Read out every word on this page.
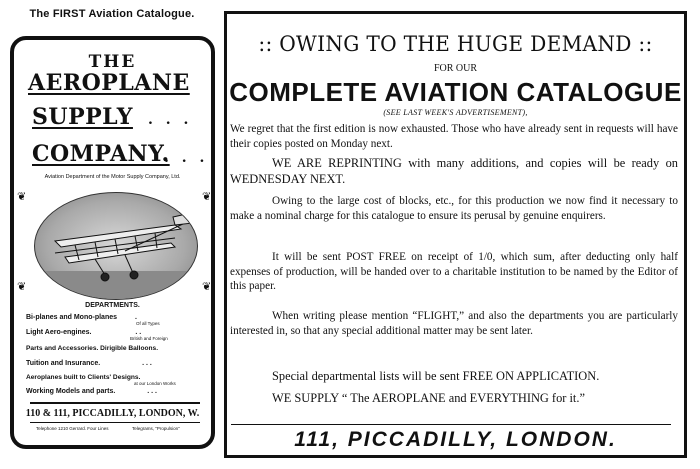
The FIRST Aviation Catalogue.
THE
AEROPLANE
SUPPLY . . .
COMPANY.
. . .
Aviation Department of the Motor Supply Company, Ltd.
❦	❦
❦	❦
DEPARTMENTS.
Bi-planes and Mono-planes	.
Of all Types
Light Aero-engines.	. .
British and Foreign
Parts and Accessories. Dirigible Balloons.
Tuition and Insurance.	. . .
Aeroplanes built to Clients' Designs.
at our London Works
Working Models and parts.	. . .
110 & 111, PICCADILLY, LONDON, W.
Telephone 1210 Gerrard. Four Lines	Telegrams, "Propulsion"
:: OWING TO THE HUGE DEMAND ::
FOR OUR
COMPLETE AVIATION CATALOGUE
(SEE LAST WEEK'S ADVERTISEMENT),
We regret that the first edition is now exhausted. Those who have already sent in requests will have their copies posted on Monday next.
WE ARE REPRINTING with many additions, and copies will be ready on WEDNESDAY NEXT.
Owing to the large cost of blocks, etc., for this production we now find it necessary to make a nominal charge for this catalogue to ensure its perusal by genuine enquirers.
It will be sent POST FREE on receipt of 1/0, which sum, after deducting only half expenses of production, will be handed over to a charitable institution to be named by the Editor of this paper.
When writing please mention “FLIGHT,” and also the departments you are particularly interested in, so that any special additional matter may be sent later.
Special departmental lists will be sent FREE ON APPLICATION.
WE SUPPLY “ The AEROPLANE and EVERYTHING for it.”
111, PICCADILLY, LONDON.
